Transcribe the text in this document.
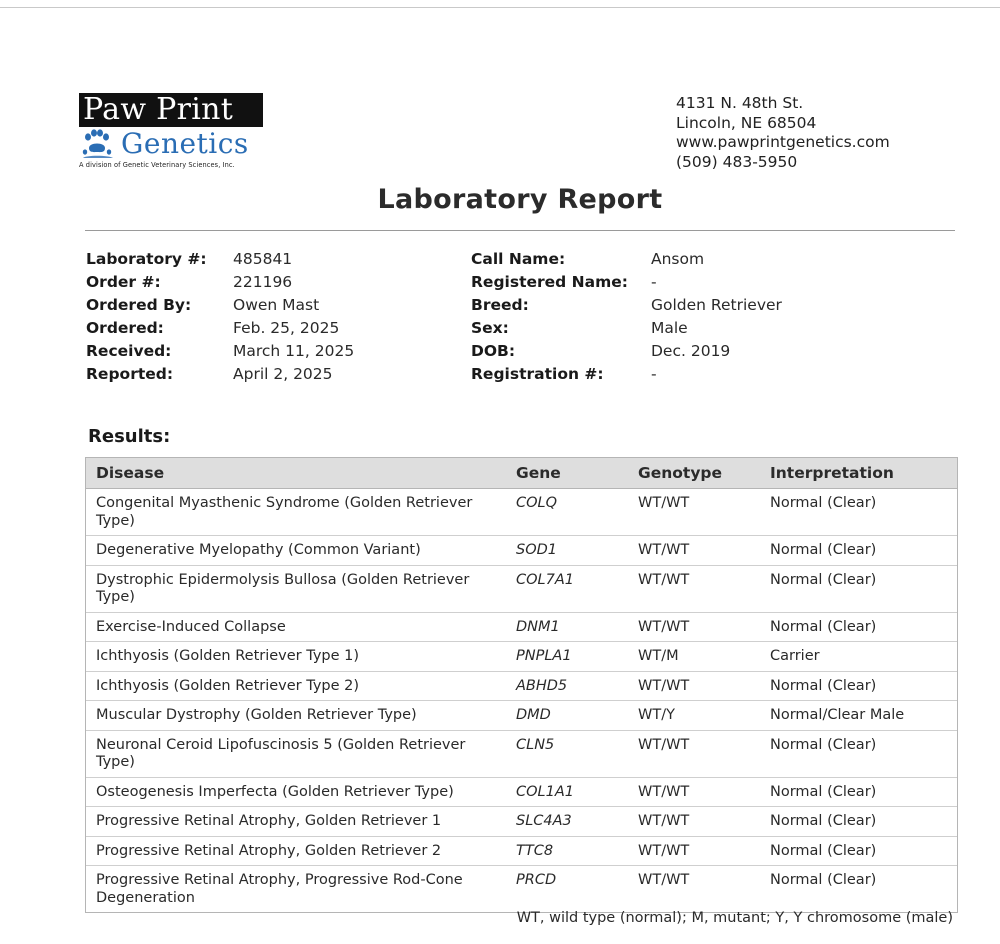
Paw Print
Genetics
A division of Genetic Veterinary Sciences, Inc.
4131 N. 48th St.
Lincoln, NE 68504
www.pawprintgenetics.com
(509) 483-5950
Laboratory Report
Laboratory #:	485841
Order #:	221196
Ordered By:	Owen Mast
Ordered:	Feb. 25, 2025
Received:	March 11, 2025
Reported:	April 2, 2025
Call Name:	Ansom
Registered Name:	-
Breed:	Golden Retriever
Sex:	Male
DOB:	Dec. 2019
Registration #:	-
Results:
Disease	Gene	Genotype	Interpretation
Congenital Myasthenic Syndrome (Golden Retriever Type)
COLQ	WT/WT	Normal (Clear)
Degenerative Myelopathy (Common Variant)	SOD1	WT/WT	Normal (Clear)
Dystrophic Epidermolysis Bullosa (Golden Retriever Type)
COL7A1	WT/WT	Normal (Clear)
Exercise-Induced Collapse	DNM1	WT/WT	Normal (Clear)
Ichthyosis (Golden Retriever Type 1)	PNPLA1	WT/M	Carrier
Ichthyosis (Golden Retriever Type 2)	ABHD5	WT/WT	Normal (Clear)
Muscular Dystrophy (Golden Retriever Type)	DMD	WT/Y	Normal/Clear Male
Neuronal Ceroid Lipofuscinosis 5 (Golden Retriever Type)
CLN5	WT/WT	Normal (Clear)
Osteogenesis Imperfecta (Golden Retriever Type)	COL1A1	WT/WT	Normal (Clear)
Progressive Retinal Atrophy, Golden Retriever 1	SLC4A3	WT/WT	Normal (Clear)
Progressive Retinal Atrophy, Golden Retriever 2	TTC8	WT/WT	Normal (Clear)
Progressive Retinal Atrophy, Progressive Rod-Cone Degeneration
PRCD	WT/WT	Normal (Clear)
WT, wild type (normal); M, mutant; Y, Y chromosome (male)
